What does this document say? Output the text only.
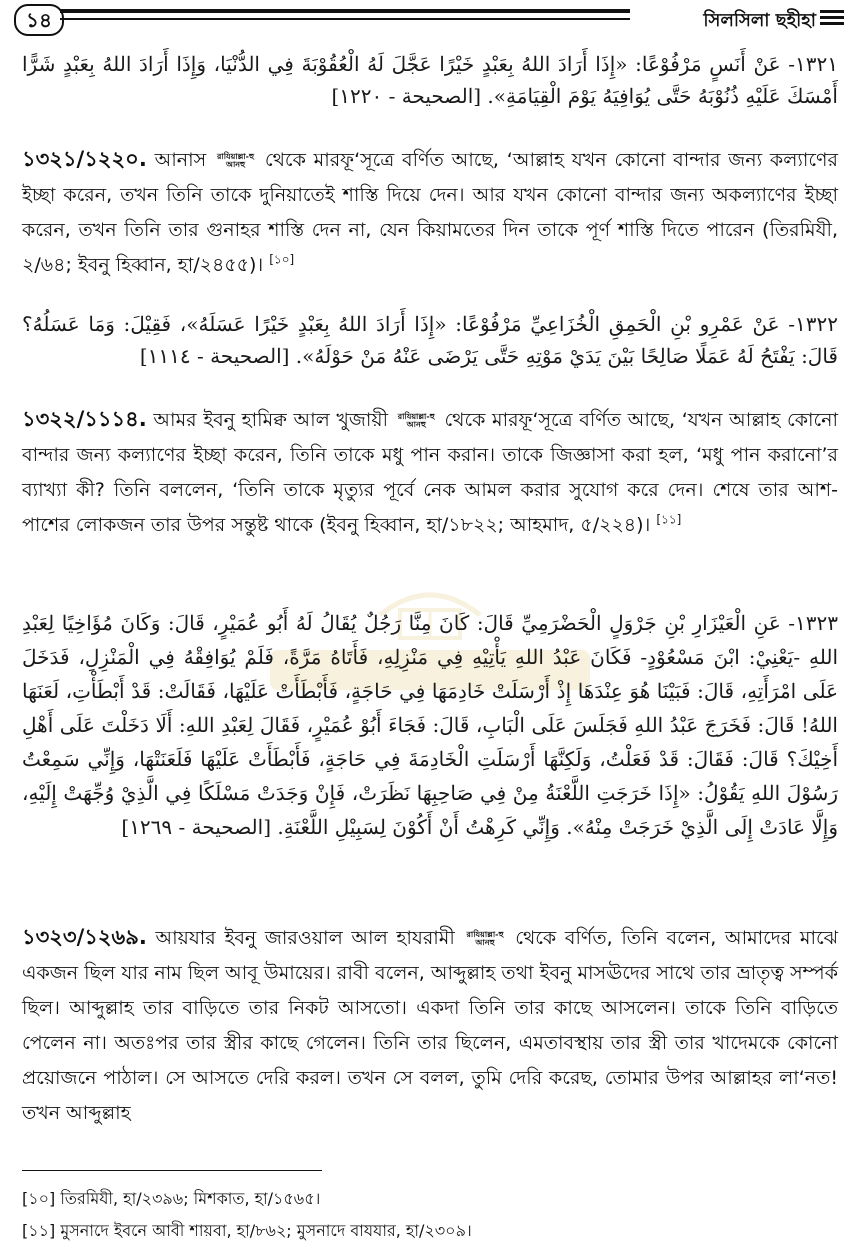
১৪	সিলসিলা ছহীহা
١٣٢١- عَنْ أَنَسٍ مَرْفُوْعًا: «إِذَا أَرَادَ اللهُ بِعَبْدٍ خَيْرًا عَجَّلَ لَهُ الْعُقُوْبَةَ فِي الدُّنْيَا، وَإِذَا أَرَادَ اللهُ بِعَبْدٍ شَرًّا أَمْسَكَ عَلَيْهِ ذُنُوْبَهُ حَتَّى يُوَافِيَهُ يَوْمَ الْقِيَامَةِ». [الصحيحة - ١٢٢٠]
১৩২১/১২২০. আনাস রাযিয়াল্লা-হু
আনহু	থেকে মারফূ‘সূত্রে বর্ণিত আছে, ‘আল্লাহ যখন কোনো বান্দার জন্য কল্যাণের ইচ্ছা করেন, তখন তিনি তাকে দুনিয়াতেই শাস্তি দিয়ে দেন। আর যখন কোনো বান্দার জন্য অকল্যাণের ইচ্ছা করেন, তখন তিনি তার গুনাহর শাস্তি দেন না, যেন কিয়ামতের দিন তাকে পূর্ণ শাস্তি দিতে পারেন (তিরমিযী, ২/৬৪; ইবনু হিব্বান, হা/২৪৫৫)। [১০]
١٣٢٢- عَنْ عَمْرِو بْنِ الْحَمِقِ الْخُزَاعِيِّ مَرْفُوْعًا: «إِذَا أَرَادَ اللهُ بِعَبْدٍ خَيْرًا عَسَلَهُ»، فَقِيْلَ: وَمَا عَسَلُهُ؟ قَالَ: يَفْتَحُ لَهُ عَمَلًا صَالِحًا بَيْنَ يَدَيْ مَوْتِهِ حَتَّى يَرْضَى عَنْهُ مَنْ حَوْلَهُ». [الصحيحة - ١١١٤]
১৩২২/১১১৪. আমর ইবনু হামিক্ব আল খুজায়ী রাযিয়াল্লা-হু
আনহু থেকে মারফূ‘সূত্রে বর্ণিত আছে, ‘যখন আল্লাহ কোনো বান্দার জন্য কল্যাণের ইচ্ছা করেন, তিনি তাকে মধু পান করান। তাকে জিজ্ঞাসা করা হল, ‘মধু পান করানো’র ব্যাখ্যা কী? তিনি বললেন, ‘তিনি তাকে মৃত্যুর পূর্বে নেক আমল করার সুযোগ করে দেন। শেষে তার আশ-পাশের লোকজন তার উপর সন্তুষ্ট থাকে (ইবনু হিব্বান, হা/১৮২২; আহমাদ, ৫/২২৪)। [১১]
١٣٢٣- عَنِ الْعَيْزَارِ بْنِ جَرْوَلٍ الْحَضْرَمِيِّ قَالَ: كَانَ مِنَّا رَجُلٌ يُقَالُ لَهُ أَبُو عُمَيْرٍ، قَالَ: وَكَانَ مُؤَاخِيًا لِعَبْدِ اللهِ -يَعْنِيْ: ابْنَ مَسْعُوْدٍ- فَكَانَ عَبْدُ اللهِ يَأْتِيْهِ فِي مَنْزِلِهِ، فَأَتَاهُ مَرَّةً، فَلَمْ يُوَافِقْهُ فِي الْمَنْزِلِ، فَدَخَلَ عَلَى امْرَأَتِهِ، قَالَ: فَبَيْنَا هُوَ عِنْدَهَا إِذْ أَرْسَلَتْ خَادِمَهَا فِي حَاجَةٍ، فَأَبْطَأَتْ عَلَيْهَا، فَقَالَتْ: قَدْ أَبْطَأْتِ، لَعَنَهَا اللهُ! قَالَ: فَخَرَجَ عَبْدُ اللهِ فَجَلَسَ عَلَى الْبَابِ، قَالَ: فَجَاءَ أَبُوْ عُمَيْرٍ، فَقَالَ لِعَبْدِ اللهِ: أَلَا دَخَلْتَ عَلَى أَهْلِ أَخِيْكَ؟ قَالَ: فَقَالَ: قَدْ فَعَلْتُ، وَلَكِنَّهَا أَرْسَلَتِ الْخَادِمَةَ فِي حَاجَةٍ، فَأَبْطَأَتْ عَلَيْهَا فَلَعَنَتْهَا، وَإِنِّي سَمِعْتُ رَسُوْلَ اللهِ يَقُوْلُ: «إِذَا خَرَجَتِ اللَّعْنَةُ مِنْ فِي صَاحِبِهَا نَظَرَتْ، فَإِنْ وَجَدَتْ مَسْلَكًا فِي الَّذِيْ وُجِّهَتْ إِلَيْهِ، وَإِلَّا عَادَتْ إِلَى الَّذِيْ خَرَجَتْ مِنْهُ». وَإِنِّي كَرِهْتُ أَنْ أَكُوْنَ لِسَبِيْلِ اللَّعْنَةِ. [الصحيحة - ١٢٦٩]
১৩২৩/১২৬৯. আয়যার ইবনু জারওয়াল আল হাযরামী রাযিয়াল্লা-হু
আনহু	থেকে বর্ণিত, তিনি বলেন, আমাদের মাঝে একজন ছিল যার নাম ছিল আবূ উমায়ের। রাবী বলেন, আব্দুল্লাহ তথা ইবনু মাসঊদের সাথে তার ভ্রাতৃত্ব সম্পর্ক ছিল। আব্দুল্লাহ তার বাড়িতে তার নিকট আসতো। একদা তিনি তার কাছে আসলেন। তাকে তিনি বাড়িতে পেলেন না। অতঃপর তার স্ত্রীর কাছে গেলেন। তিনি তার ছিলেন, এমতাবস্থায় তার স্ত্রী তার খাদেমকে কোনো প্রয়োজনে পাঠাল। সে আসতে দেরি করল। তখন সে বলল, তুমি দেরি করেছ, তোমার উপর আল্লাহর লা‘নত! তখন আব্দুল্লাহ
[১০] তিরমিযী, হা/২৩৯৬; মিশকাত, হা/১৫৬৫।
[১১] মুসনাদে ইবনে আবী শায়বা, হা/৮৬২; মুসনাদে বাযযার, হা/২৩০৯।
